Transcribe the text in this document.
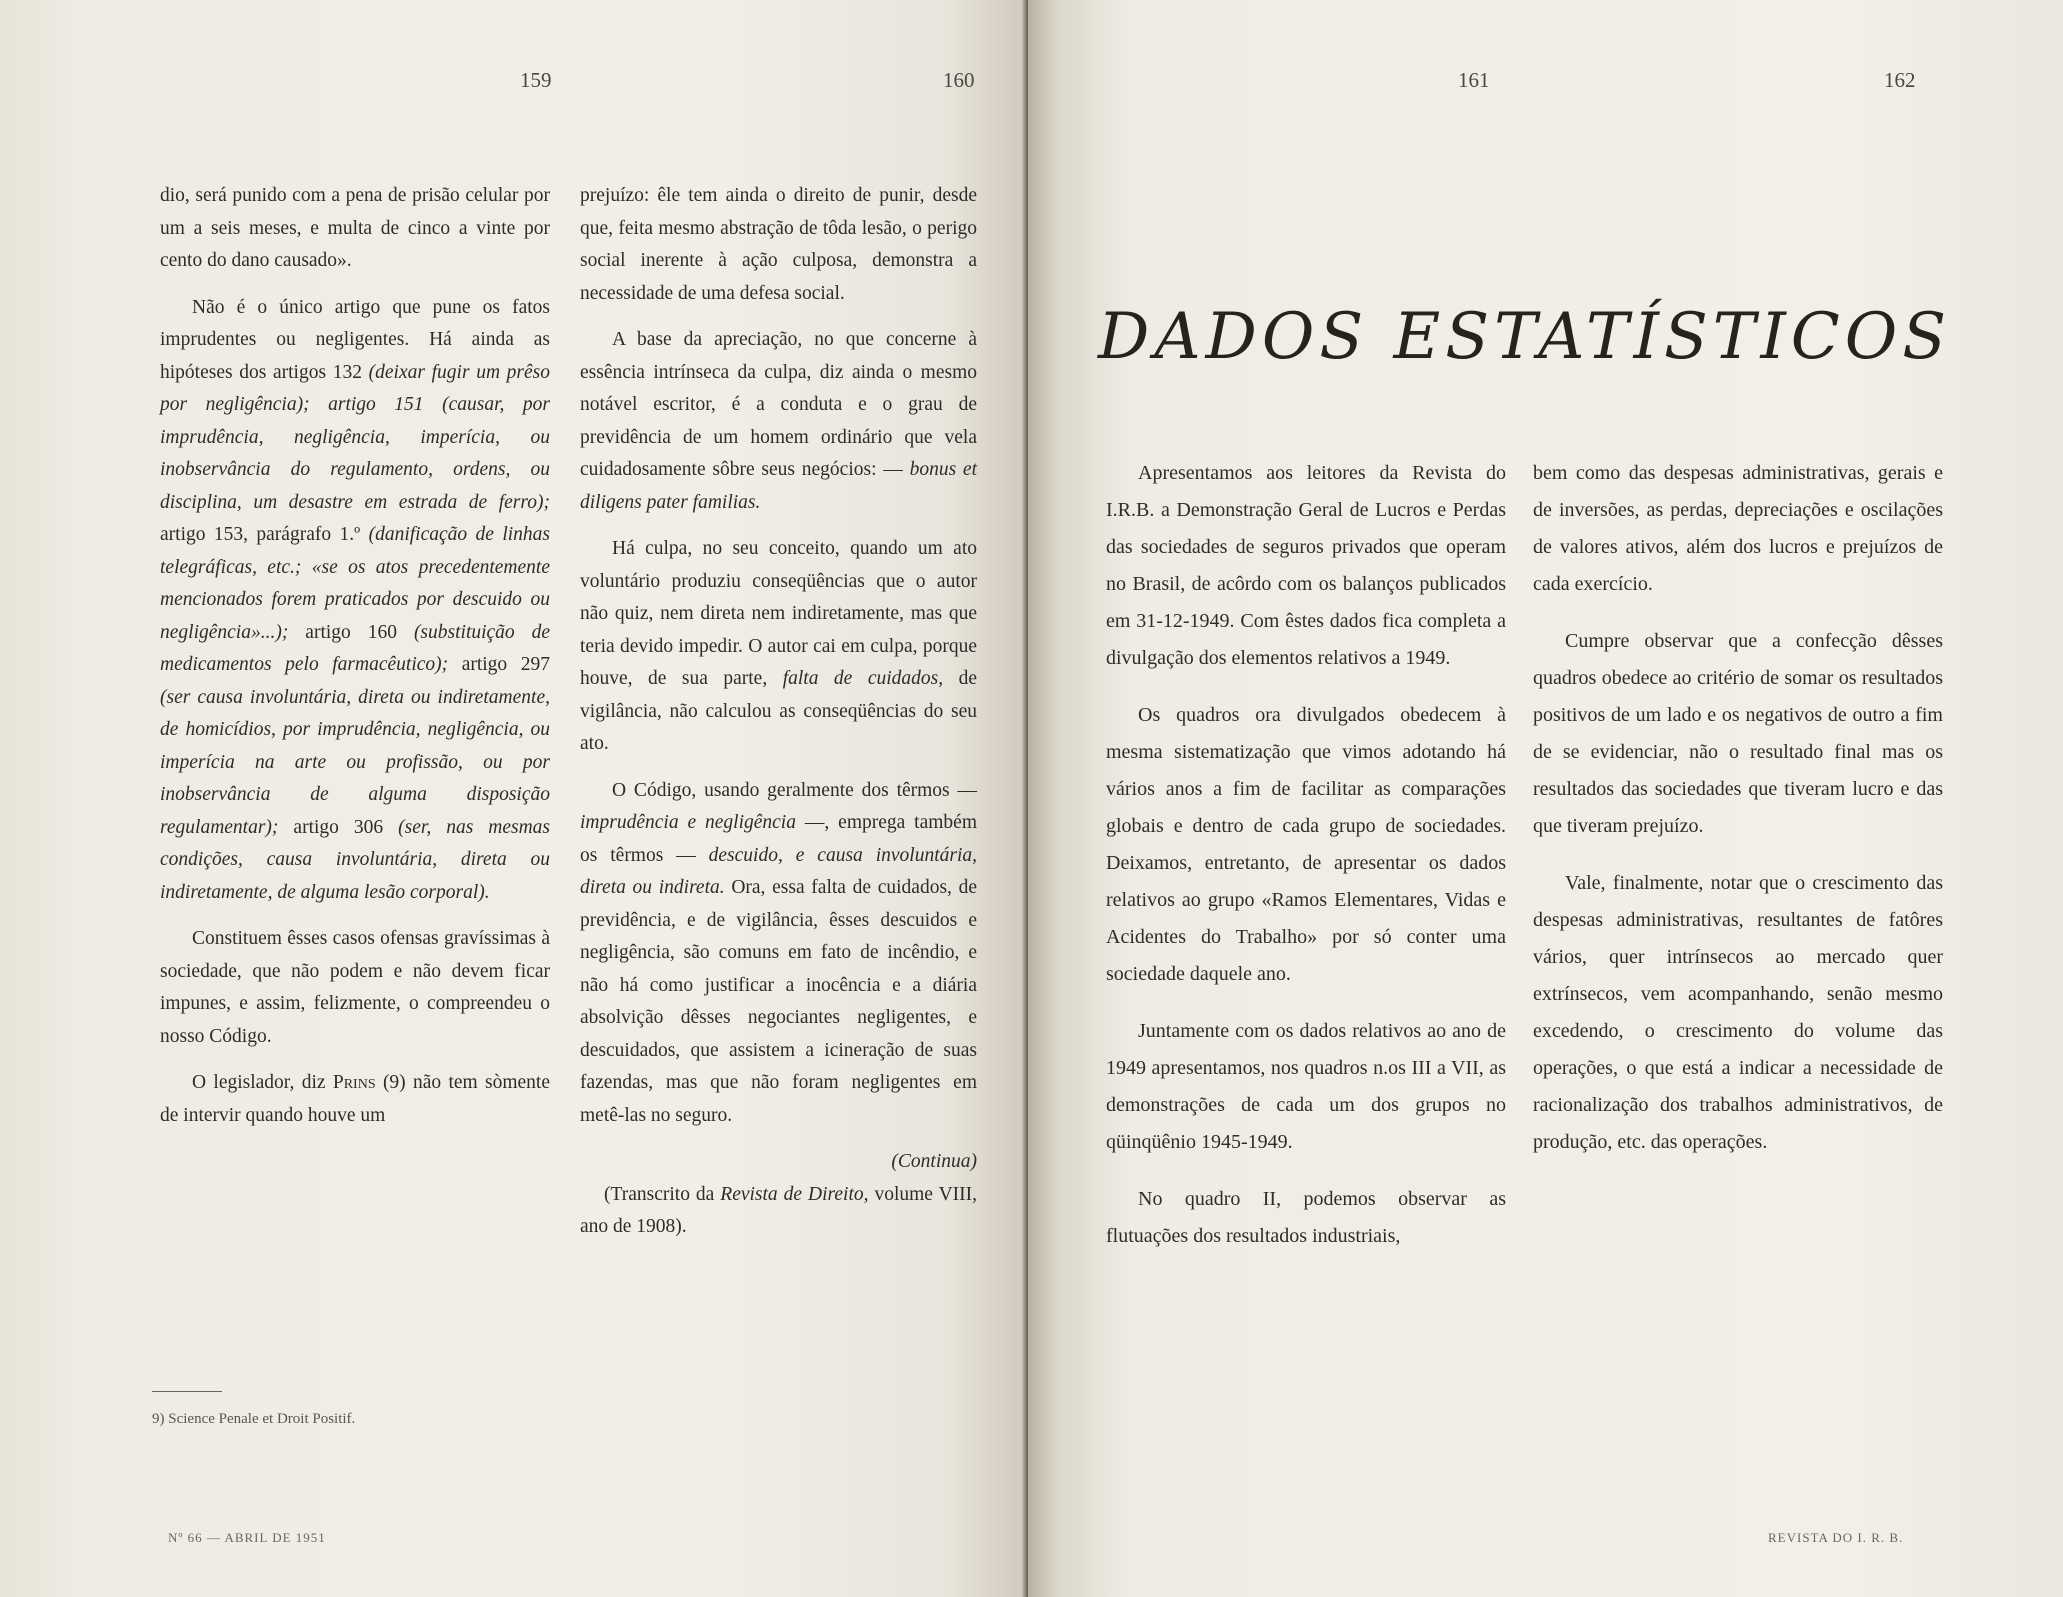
159	160

dio, será punido com a pena de prisão celular por um a seis meses, e multa de cinco a vinte por cento do dano causado».

Não é o único artigo que pune os fatos imprudentes ou negligentes. Há ainda as hipóteses dos artigos 132 (deixar fugir um prêso por negligência); artigo 151 (causar, por imprudência, negligência, imperícia, ou inobservância do regulamento, ordens, ou disciplina, um desastre em estrada de ferro); artigo 153, parágrafo 1.º (danificação de linhas telegráficas, etc.; «se os atos precedentemente mencionados forem praticados por descuido ou negligência»...); artigo 160 (substituição de medicamentos pelo farmacêutico); artigo 297 (ser causa involuntária, direta ou indiretamente, de homicídios, por imprudência, negligência, ou imperícia na arte ou profissão, ou por inobservância de alguma disposição regulamentar); artigo 306 (ser, nas mesmas condições, causa involuntária, direta ou indiretamente, de alguma lesão corporal).

Constituem êsses casos ofensas gravíssimas à sociedade, que não podem e não devem ficar impunes, e assim, felizmente, o compreendeu o nosso Código.

O legislador, diz Prins (9) não tem sòmente de intervir quando houve um

9) Science Penale et Droit Positif.

prejuízo: êle tem ainda o direito de punir, desde que, feita mesmo abstração de tôda lesão, o perigo social inerente à ação culposa, demonstra a necessidade de uma defesa social.

A base da apreciação, no que concerne à essência intrínseca da culpa, diz ainda o mesmo notável escritor, é a conduta e o grau de previdência de um homem ordinário que vela cuidadosamente sôbre seus negócios: — bonus et diligens pater familias.

Há culpa, no seu conceito, quando um ato voluntário produziu conseqüências que o autor não quiz, nem direta nem indiretamente, mas que teria devido impedir. O autor cai em culpa, porque houve, de sua parte, falta de cuidados, de vigilância, não calculou as conseqüências do seu ato.

O Código, usando geralmente dos têrmos — imprudência e negligência —, emprega também os têrmos — descuido, e causa involuntária, direta ou indireta. Ora, essa falta de cuidados, de previdência, e de vigilância, êsses descuidos e negligência, são comuns em fato de incêndio, e não há como justificar a inocência e a diária absolvição dêsses negociantes negligentes, e descuidados, que assistem a icineração de suas fazendas, mas que não foram negligentes em metê-las no seguro.

(Continua)

(Transcrito da Revista de Direito, volume VIII, ano de 1908).

Nº 66 — ABRIL DE 1951
161	162
DADOS ESTATÍSTICOS

Apresentamos aos leitores da Revista do I.R.B. a Demonstração Geral de Lucros e Perdas das sociedades de seguros privados que operam no Brasil, de acôrdo com os balanços publicados em 31-12-1949. Com êstes dados fica completa a divulgação dos elementos relativos a 1949.

Os quadros ora divulgados obedecem à mesma sistematização que vimos adotando há vários anos a fim de facilitar as comparações globais e dentro de cada grupo de sociedades. Deixamos, entretanto, de apresentar os dados relativos ao grupo «Ramos Elementares, Vidas e Acidentes do Trabalho» por só conter uma sociedade daquele ano.

Juntamente com os dados relativos ao ano de 1949 apresentamos, nos quadros n.os III a VII, as demonstrações de cada um dos grupos no qüinqüênio 1945-1949.

No quadro II, podemos observar as flutuações dos resultados industriais,

bem como das despesas administrativas, gerais e de inversões, as perdas, depreciações e oscilações de valores ativos, além dos lucros e prejuízos de cada exercício.

Cumpre observar que a confecção dêsses quadros obedece ao critério de somar os resultados positivos de um lado e os negativos de outro a fim de se evidenciar, não o resultado final mas os resultados das sociedades que tiveram lucro e das que tiveram prejuízo.

Vale, finalmente, notar que o crescimento das despesas administrativas, resultantes de fatôres vários, quer intrínsecos ao mercado quer extrínsecos, vem acompanhando, senão mesmo excedendo, o crescimento do volume das operações, o que está a indicar a necessidade de racionalização dos trabalhos administrativos, de produção, etc. das operações.

REVISTA DO I. R. B.
